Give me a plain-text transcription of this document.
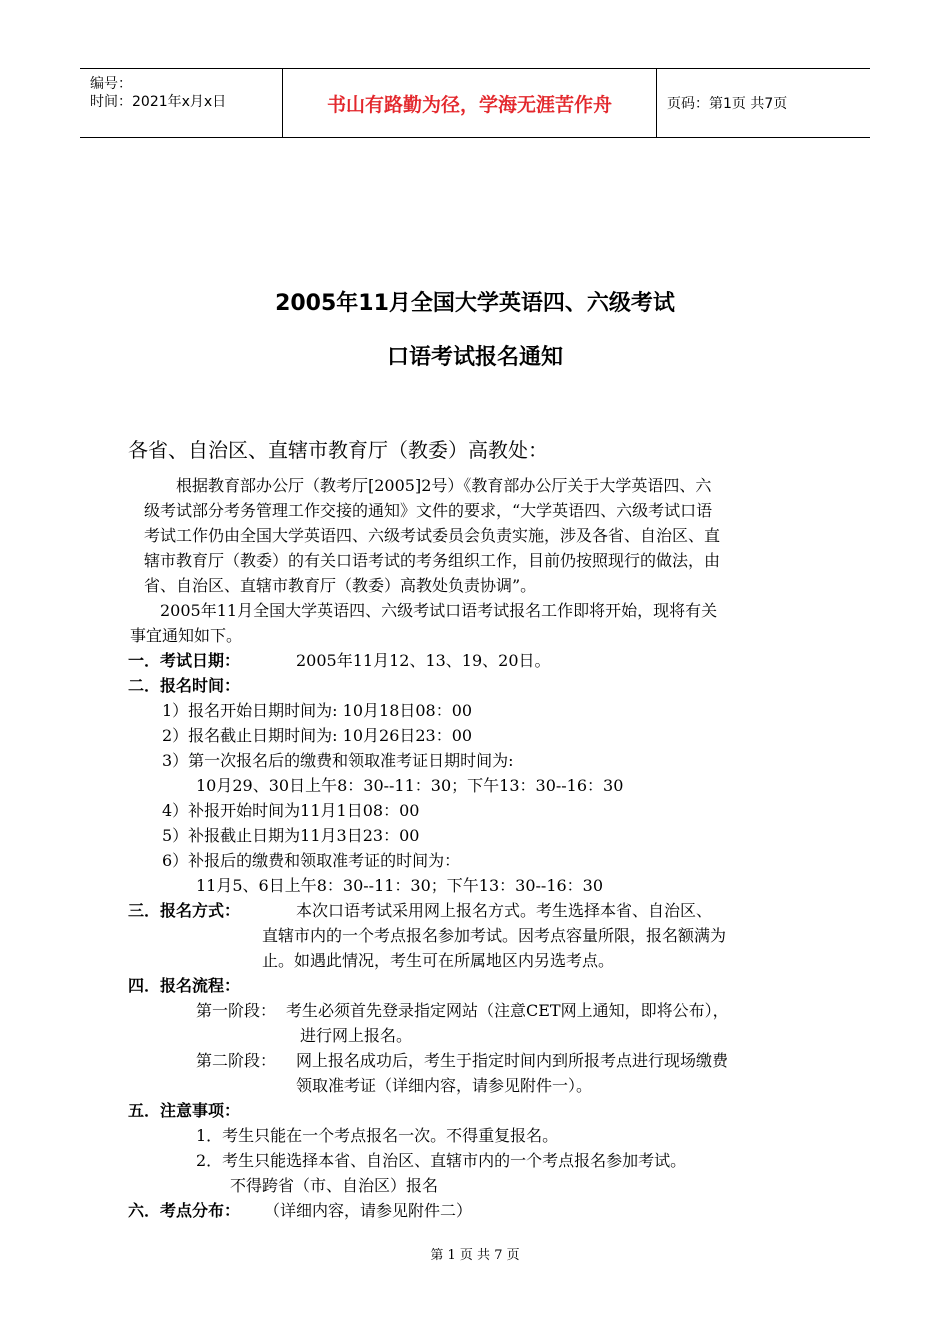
编号：
时间：2021年x月x日	书山有路勤为径，学海无涯苦作舟	页码：第1页 共7页
2005年11月全国大学英语四、六级考试
口语考试报名通知
各省、自治区、直辖市教育厅（教委）高教处：
根据教育部办公厅（教考厅[2005]2号）《教育部办公厅关于大学英语四、六
级考试部分考务管理工作交接的通知》文件的要求，“大学英语四、六级考试口语
考试工作仍由全国大学英语四、六级考试委员会负责实施，涉及各省、自治区、直
辖市教育厅（教委）的有关口语考试的考务组织工作，目前仍按照现行的做法，由
省、自治区、直辖市教育厅（教委）高教处负责协调”。
2005年11月全国大学英语四、六级考试口语考试报名工作即将开始，现将有关
事宜通知如下。
一．考试日期：	2005年11月12、13、19、20日。
二．报名时间：
1）报名开始日期时间为: 10月18日08：00
2）报名截止日期时间为: 10月26日23：00
3）第一次报名后的缴费和领取准考证日期时间为:
10月29、30日上午8：30--11：30；下午13：30--16：30
4）补报开始时间为11月1日08：00
5）补报截止日期为11月3日23：00
6）补报后的缴费和领取准考证的时间为：
11月5、6日上午8：30--11：30；下午13：30--16：30
三．报名方式：	本次口语考试采用网上报名方式。考生选择本省、自治区、
直辖市内的一个考点报名参加考试。因考点容量所限，报名额满为
止。如遇此情况，考生可在所属地区内另选考点。
四．报名流程：
第一阶段： 考生必须首先登录指定网站（注意CET网上通知，即将公布），
进行网上报名。
第二阶段： 网上报名成功后，考生于指定时间内到所报考点进行现场缴费
领取准考证（详细内容，请参见附件一）。
五．注意事项：
1．考生只能在一个考点报名一次。不得重复报名。
2．考生只能选择本省、自治区、直辖市内的一个考点报名参加考试。
不得跨省（市、自治区）报名
六．考点分布： （详细内容，请参见附件二）
第 1 页 共 7 页
